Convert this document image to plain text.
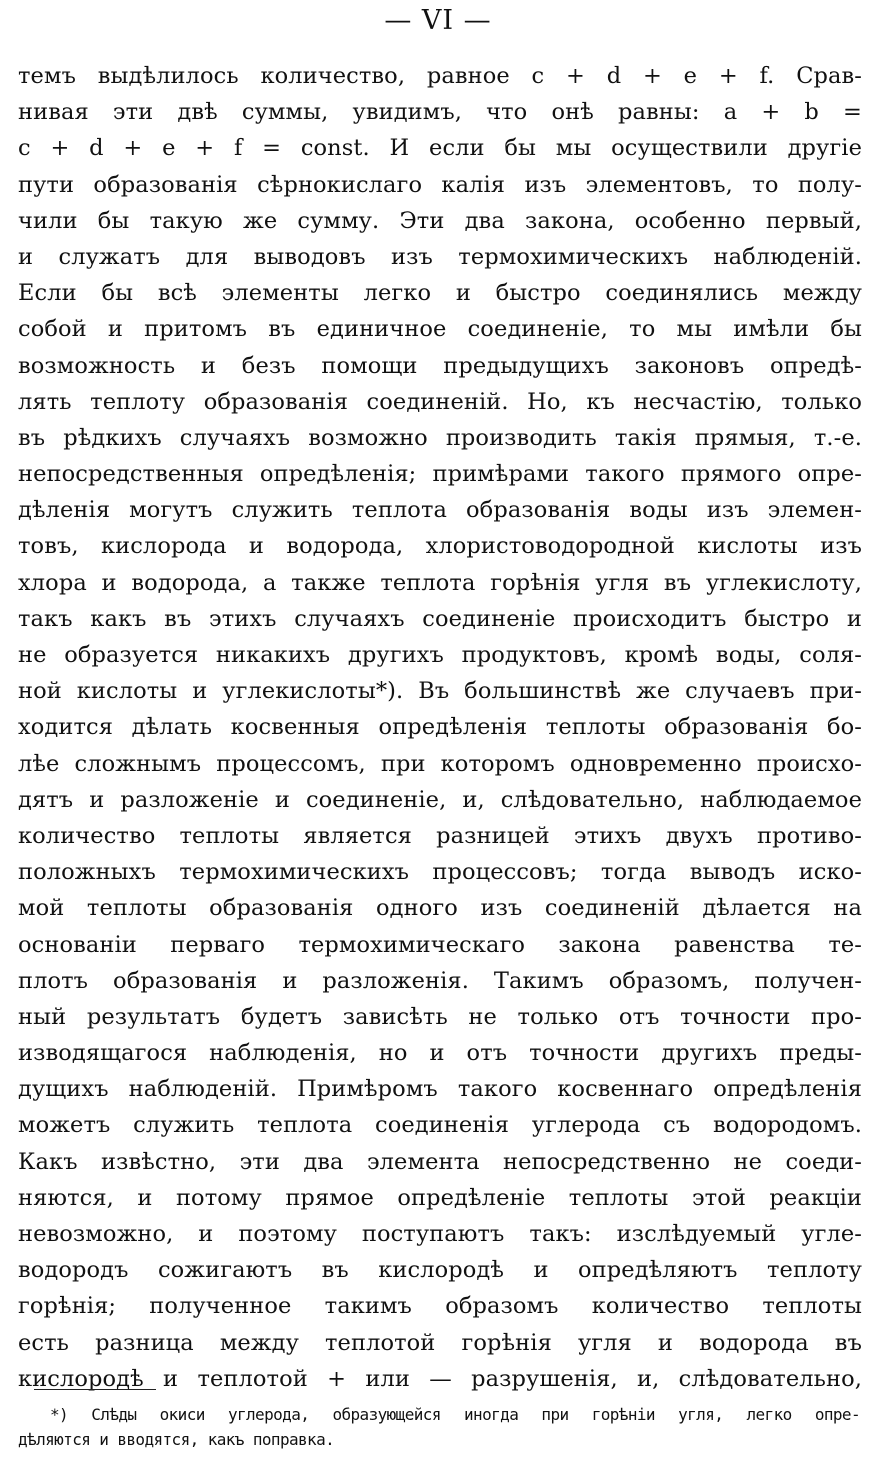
— VI —
темъ выдѣлилось количество, равное c + d + e + f. Срав-
нивая эти двѣ суммы, увидимъ, что онѣ равны: a + b =
c + d + e + f = const. И если бы мы осуществили другіе
пути образованія сѣрнокислаго калія изъ элементовъ, то полу-
чили бы такую же сумму. Эти два закона, особенно первый,
и служатъ для выводовъ изъ термохимическихъ наблюденій.
Если бы всѣ элементы легко и быстро соединялись между
собой и притомъ въ единичное соединеніе, то мы имѣли бы
возможность и безъ помощи предыдущихъ законовъ опредѣ-
лять теплоту образованія соединеній. Но, къ несчастію, только
въ рѣдкихъ случаяхъ возможно производить такія прямыя, т.-е.
непосредственныя опредѣленія; примѣрами такого прямого опре-
дѣленія могутъ служить теплота образованія воды изъ элемен-
товъ, кислорода и водорода, хлористоводородной кислоты изъ
хлора и водорода, а также теплота горѣнія угля въ углекислоту,
такъ какъ въ этихъ случаяхъ соединеніе происходитъ быстро и
не образуется никакихъ другихъ продуктовъ, кромѣ воды, соля-
ной кислоты и углекислоты*). Въ большинствѣ же случаевъ при-
ходится дѣлать косвенныя опредѣленія теплоты образованія бо-
лѣе сложнымъ процессомъ, при которомъ одновременно происхо-
дятъ и разложеніе и соединеніе, и, слѣдовательно, наблюдаемое
количество теплоты является разницей этихъ двухъ противо-
положныхъ термохимическихъ процессовъ; тогда выводъ иско-
мой теплоты образованія одного изъ соединеній дѣлается на
основаніи перваго термохимическаго закона равенства те-
плотъ образованія и разложенія. Такимъ образомъ, получен-
ный результатъ будетъ зависѣть не только отъ точности про-
изводящагося наблюденія, но и отъ точности другихъ преды-
дущихъ наблюденій. Примѣромъ такого косвеннаго опредѣленія
можетъ служить теплота соединенія углерода съ водородомъ.
Какъ извѣстно, эти два элемента непосредственно не соеди-
няются, и потому прямое опредѣленіе теплоты этой реакціи
невозможно, и поэтому поступаютъ такъ: изслѣдуемый угле-
водородъ сожигаютъ въ кислородѣ и опредѣляютъ теплоту
горѣнія; полученное такимъ образомъ количество теплоты
есть разница между теплотой горѣнія угля и водорода въ
кислородѣ и теплотой + или — разрушенія, и, слѣдовательно,
*) Слѣды окиси углерода, образующейся иногда при горѣніи угля, легко опре-
дѣляются и вводятся, какъ поправка.
